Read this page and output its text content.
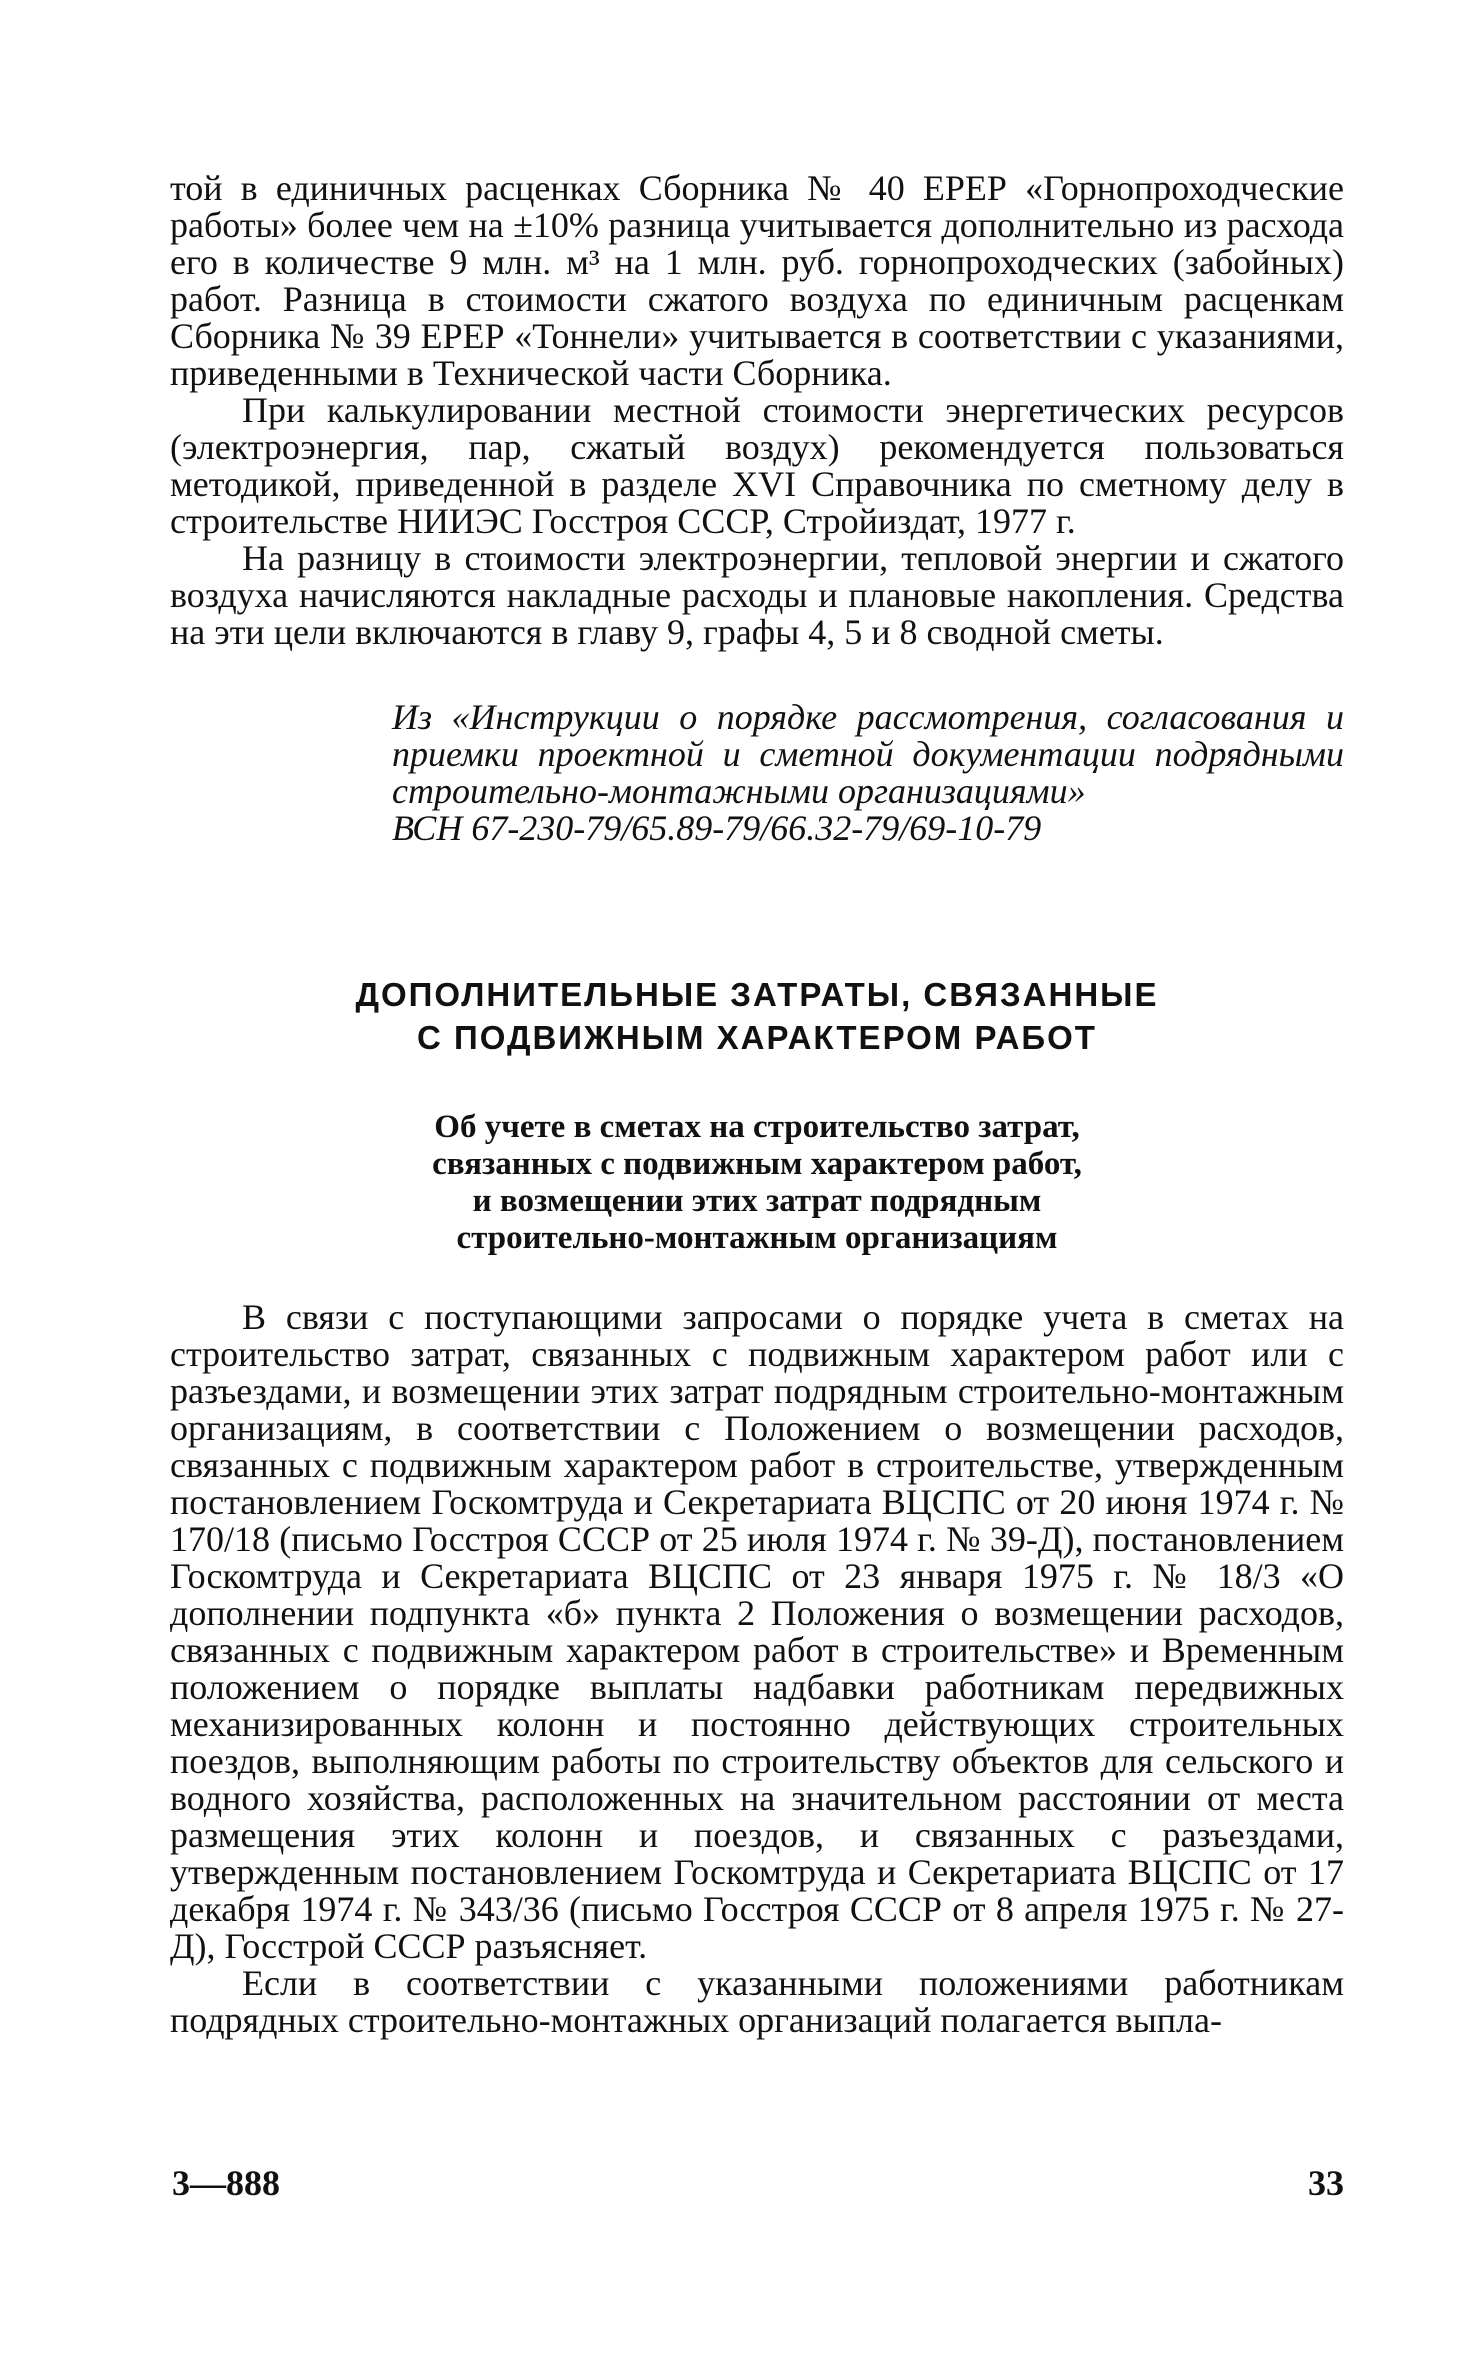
той в единичных расценках Сборника № 40 ЕРЕР «Горнопроходческие работы» более чем на ±10% разница учитывается дополнительно из расхода его в количестве 9 млн. м³ на 1 млн. руб. горнопроходческих (забойных) работ. Разница в стоимости сжатого воздуха по единичным расценкам Сборника № 39 ЕРЕР «Тоннели» учитывается в соответствии с указаниями, приведенными в Технической части Сборника.

При калькулировании местной стоимости энергетических ресурсов (электроэнергия, пар, сжатый воздух) рекомендуется пользоваться методикой, приведенной в разделе XVI Справочника по сметному делу в строительстве НИИЭС Госстроя СССР, Стройиздат, 1977 г.

На разницу в стоимости электроэнергии, тепловой энергии и сжатого воздуха начисляются накладные расходы и плановые накопления. Средства на эти цели включаются в главу 9, графы 4, 5 и 8 сводной сметы.

Из «Инструкции о порядке рассмотрения, согласования и приемки проектной и сметной документации подрядными строительно-монтажными организациями»

ВСН 67-230-79/65.89-79/66.32-79/69-10-79

ДОПОЛНИТЕЛЬНЫЕ ЗАТРАТЫ, СВЯЗАННЫЕ
С ПОДВИЖНЫМ ХАРАКТЕРОМ РАБОТ
Об учете в сметах на строительство затрат,
связанных с подвижным характером работ,
и возмещении этих затрат подрядным
строительно-монтажным организациям

В связи с поступающими запросами о порядке учета в сметах на строительство затрат, связанных с подвижным характером работ или с разъездами, и возмещении этих затрат подрядным строительно-монтажным организациям, в соответствии с Положением о возмещении расходов, связанных с подвижным характером работ в строительстве, утвержденным постановлением Госкомтруда и Секретариата ВЦСПС от 20 июня 1974 г. № 170/18 (письмо Госстроя СССР от 25 июля 1974 г. № 39-Д), постановлением Госкомтруда и Секретариата ВЦСПС от 23 января 1975 г. № 18/3 «О дополнении подпункта «б» пункта 2 Положения о возмещении расходов, связанных с подвижным характером работ в строительстве» и Временным положением о порядке выплаты надбавки работникам передвижных механизированных колонн и постоянно действующих строительных поездов, выполняющим работы по строительству объектов для сельского и водного хозяйства, расположенных на значительном расстоянии от места размещения этих колонн и поездов, и связанных с разъездами, утвержденным постановлением Госкомтруда и Секретариата ВЦСПС от 17 декабря 1974 г. № 343/36 (письмо Госстроя СССР от 8 апреля 1975 г. № 27-Д), Госстрой СССР разъясняет.

Если в соответствии с указанными положениями работникам подрядных строительно-монтажных организаций полагается выпла-

3—888	33
